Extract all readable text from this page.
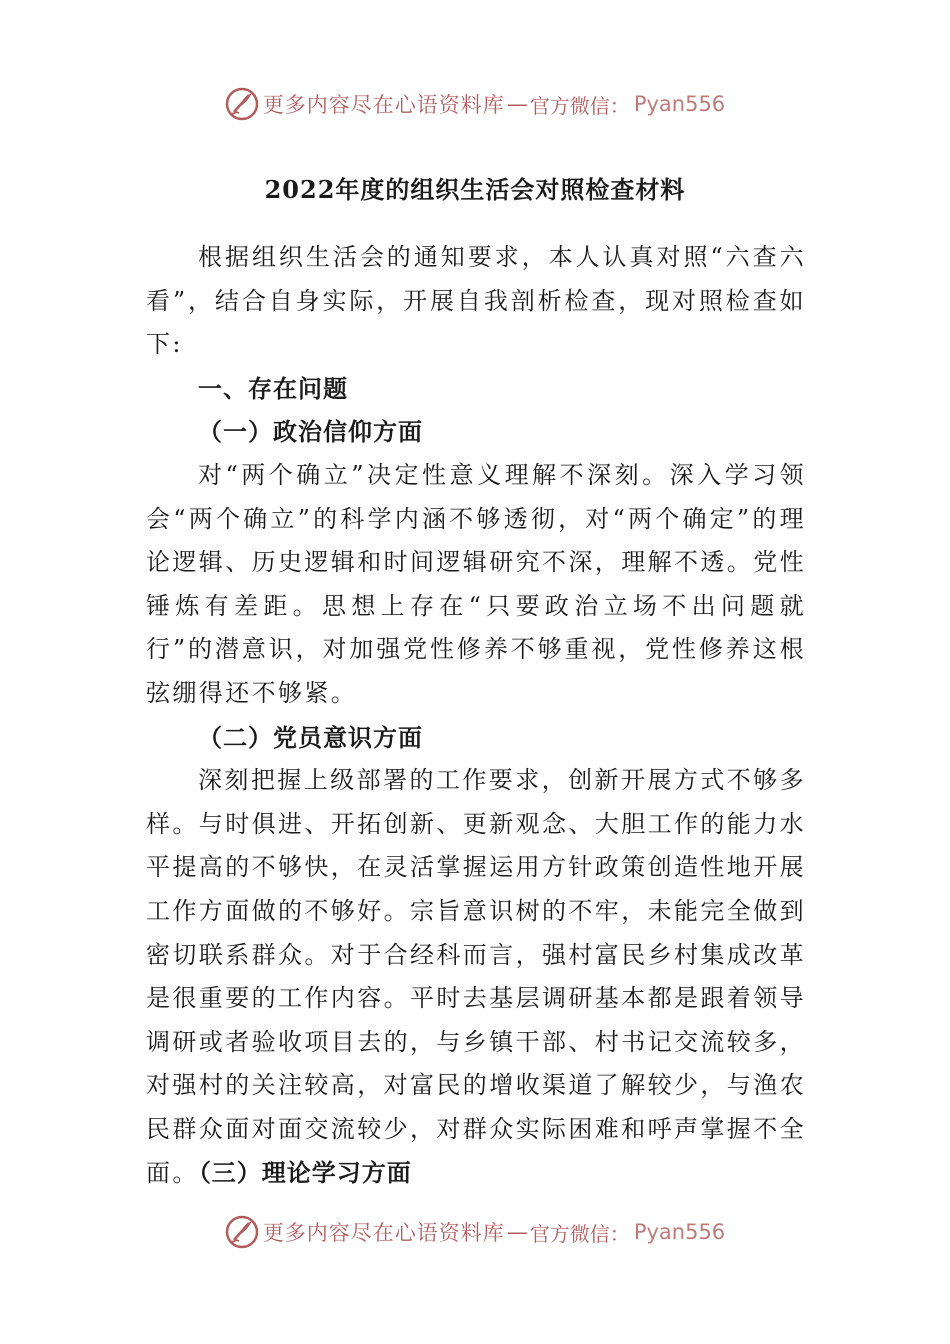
更多内容尽在心语资料库 — 官方微信： Pyan556
2022年度的组织生活会对照检查材料

根据组织生活会的通知要求，本人认真对照“六查六看”，结合自身实际，开展自我剖析检查，现对照检查如下:

一、存在问题

（一）政治信仰方面

对“两个确立”决定性意义理解不深刻。深入学习领会“两个确立”的科学内涵不够透彻，对“两个确定”的理论逻辑、历史逻辑和时间逻辑研究不深，理解不透。党性锤炼有差距。思想上存在“只要政治立场不出问题就行”的潜意识，对加强党性修养不够重视，党性修养这根弦绷得还不够紧。

（二）党员意识方面

深刻把握上级部署的工作要求，创新开展方式不够多样。与时俱进、开拓创新、更新观念、大胆工作的能力水平提高的不够快，在灵活掌握运用方针政策创造性地开展工作方面做的不够好。宗旨意识树的不牢，未能完全做到密切联系群众。对于合经科而言，强村富民乡村集成改革是很重要的工作内容。平时去基层调研基本都是跟着领导调研或者验收项目去的，与乡镇干部、村书记交流较多，对强村的关注较高，对富民的增收渠道了解较少，与渔农民群众面对面交流较少，对群众实际困难和呼声掌握不全面。（三）理论学习方面

更多内容尽在心语资料库 — 官方微信： Pyan556
